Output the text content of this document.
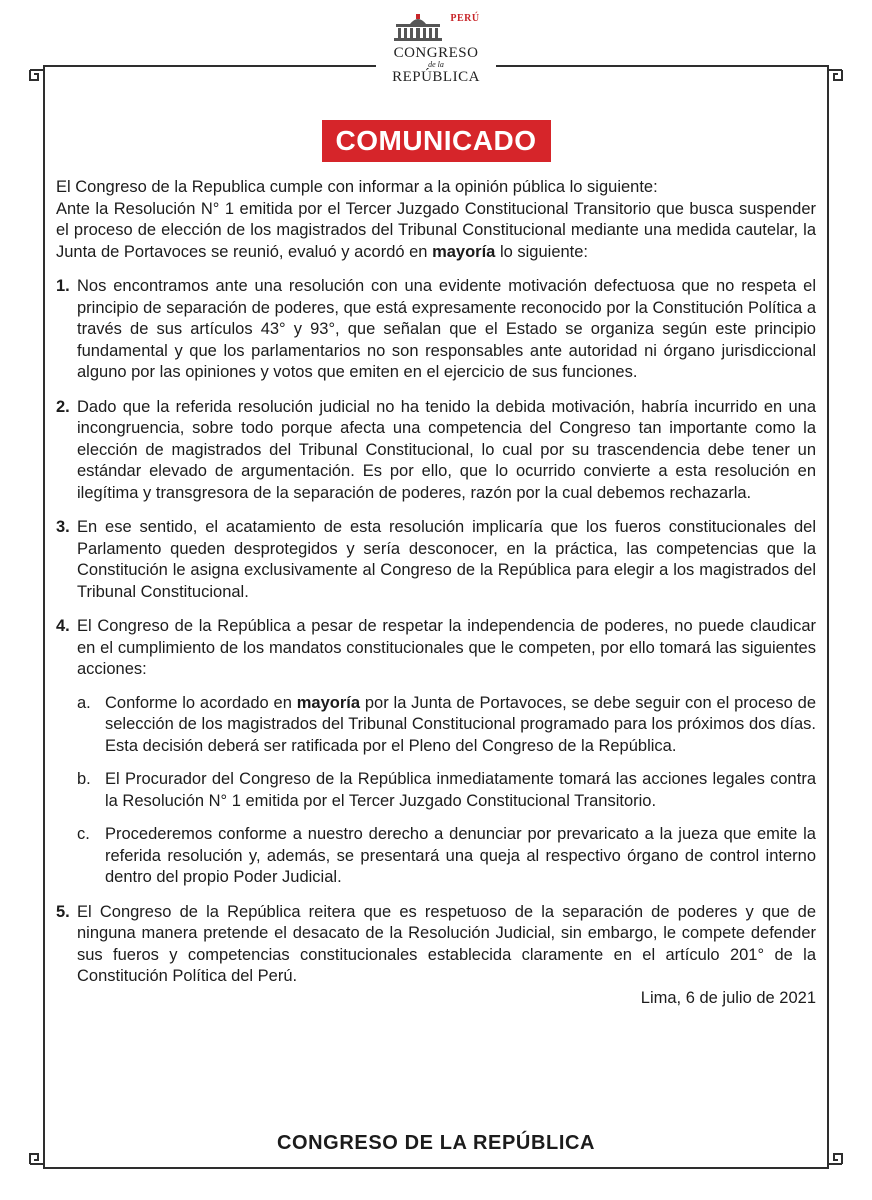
PERÚ
CONGRESO
de la
REPÚBLICA
COMUNICADO

El Congreso de la Republica cumple con informar a la opinión pública lo siguiente:

Ante la Resolución N° 1 emitida por el Tercer Juzgado Constitucional Transitorio que busca suspender el proceso de elección de los magistrados del Tribunal Constitucional mediante una medida cautelar, la Junta de Portavoces se reunió, evaluó y acordó en mayoría lo siguiente:

1. Nos encontramos ante una resolución con una evidente motivación defectuosa que no respeta el principio de separación de poderes, que está expresamente reconocido por la Constitución Política a través de sus artículos 43° y 93°, que señalan que el Estado se organiza según este principio fundamental y que los parlamentarios no son responsables ante autoridad ni órgano jurisdiccional alguno por las opiniones y votos que emiten en el ejercicio de sus funciones.
2. Dado que la referida resolución judicial no ha tenido la debida motivación, habría incurrido en una incongruencia, sobre todo porque afecta una competencia del Congreso tan importante como la elección de magistrados del Tribunal Constitucional, lo cual por su trascendencia debe tener un estándar elevado de argumentación. Es por ello, que lo ocurrido convierte a esta resolución en ilegítima y transgresora de la separación de poderes, razón por la cual debemos rechazarla.
3. En ese sentido, el acatamiento de esta resolución implicaría que los fueros constitucionales del Parlamento queden desprotegidos y sería desconocer, en la práctica, las competencias que la Constitución le asigna exclusivamente al Congreso de la República para elegir a los magistrados del Tribunal Constitucional.
4. El Congreso de la República a pesar de respetar la independencia de poderes, no puede claudicar en el cumplimiento de los mandatos constitucionales que le competen, por ello tomará las siguientes acciones:
a. Conforme lo acordado en mayoría por la Junta de Portavoces, se debe seguir con el proceso de selección de los magistrados del Tribunal Constitucional programado para los próximos dos días. Esta decisión deberá ser ratificada por el Pleno del Congreso de la República.
b. El Procurador del Congreso de la República inmediatamente tomará las acciones legales contra la Resolución N° 1 emitida por el Tercer Juzgado Constitucional Transitorio.
c. Procederemos conforme a nuestro derecho a denunciar por prevaricato a la jueza que emite la referida resolución y, además, se presentará una queja al respectivo órgano de control interno dentro del propio Poder Judicial.
5. El Congreso de la República reitera que es respetuoso de la separación de poderes y que de ninguna manera pretende el desacato de la Resolución Judicial, sin embargo, le compete defender sus fueros y competencias constitucionales establecida claramente en el artículo 201° de la Constitución Política del Perú.

Lima, 6 de julio de 2021

CONGRESO DE LA REPÚBLICA
